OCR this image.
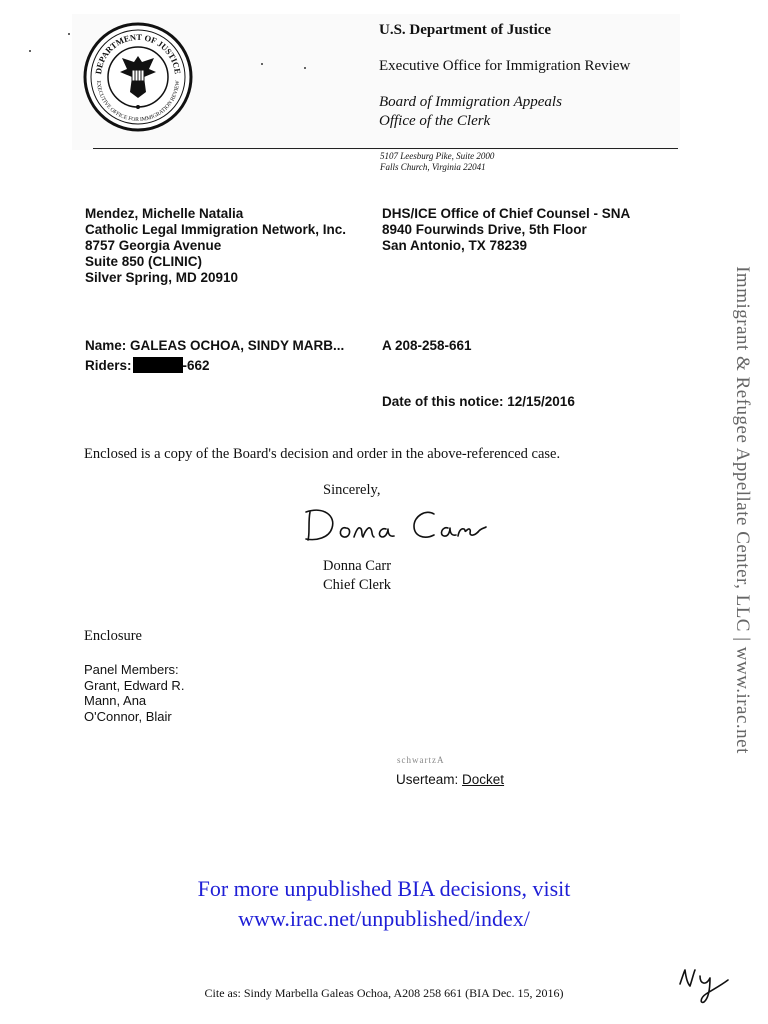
DEPARTMENT OF JUSTICE
EXECUTIVE OFFICE FOR IMMIGRATION REVIEW
U.S. Department of Justice
Executive Office for Immigration Review
Board of Immigration Appeals
Office of the Clerk
5107 Leesburg Pike, Suite 2000
Falls Church, Virginia 22041
Mendez, Michelle Natalia
Catholic Legal Immigration Network, Inc.
8757 Georgia Avenue
Suite 850 (CLINIC)
Silver Spring, MD 20910
DHS/ICE Office of Chief Counsel - SNA
8940 Fourwinds Drive, 5th Floor
San Antonio, TX 78239
Name: GALEAS OCHOA, SINDY MARB...	A 208-258-661
Riders:	-662
Date of this notice: 12/15/2016
Enclosed is a copy of the Board's decision and order in the above-referenced case.
Sincerely,
Donna Carr
Chief Clerk
Enclosure
Panel Members:
Grant, Edward R.
Mann, Ana
O'Connor, Blair
schwartzA
Userteam: Docket
Immigrant & Refugee Appellate Center, LLC | www.irac.net
For more unpublished BIA decisions, visit
www.irac.net/unpublished/index/
Cite as: Sindy Marbella Galeas Ochoa, A208 258 661 (BIA Dec. 15, 2016)
